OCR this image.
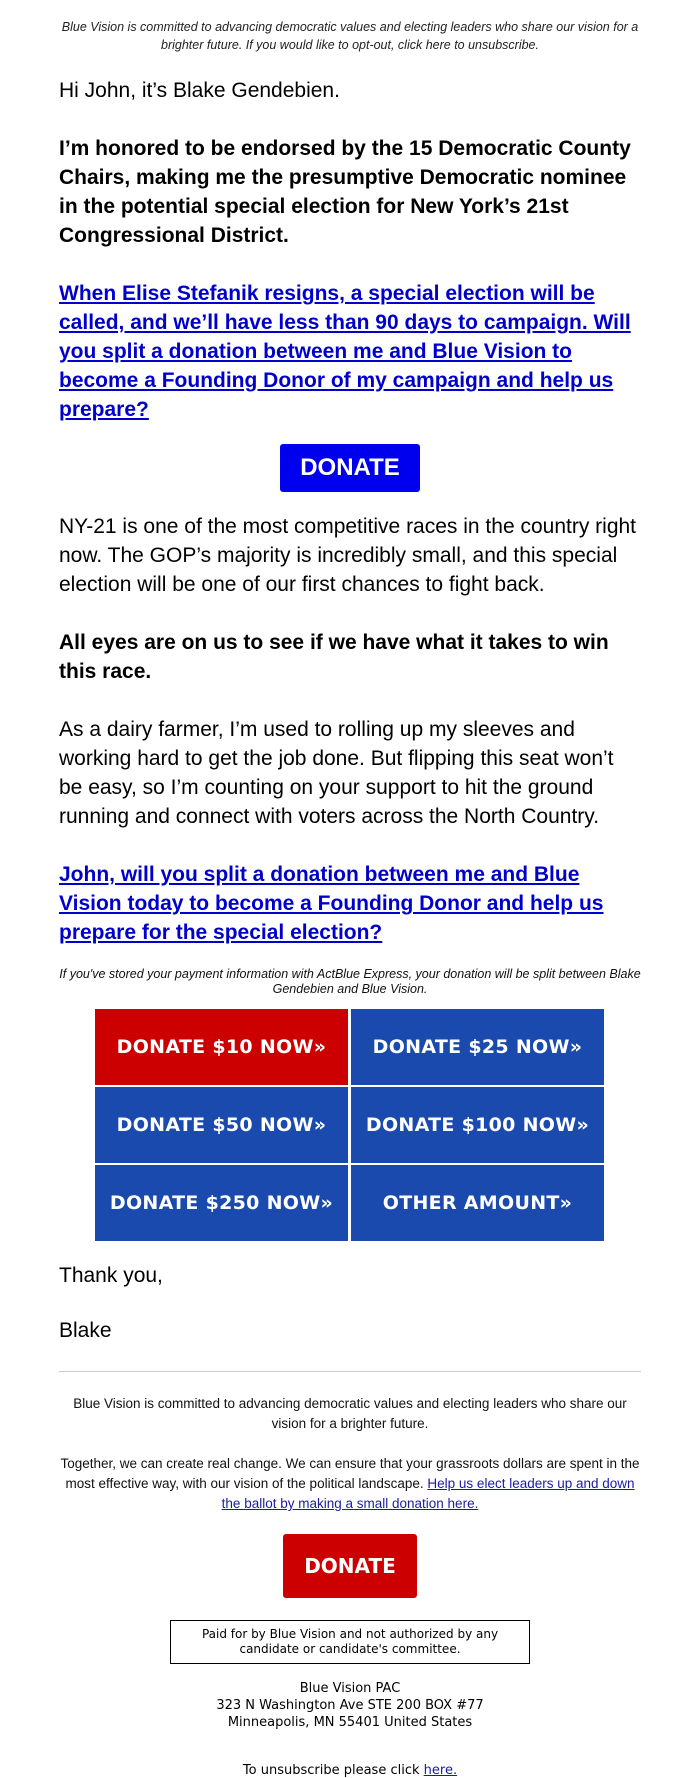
Blue Vision is committed to advancing democratic values and electing leaders who share our vision for a brighter future. If you would like to opt-out, click here to unsubscribe.

Hi John, it’s Blake Gendebien.

I’m honored to be endorsed by the 15 Democratic County Chairs, making me the presumptive Democratic nominee in the potential special election for New York’s 21st Congressional District.

When Elise Stefanik resigns, a special election will be called, and we’ll have less than 90 days to campaign. Will you split a donation between me and Blue Vision to become a Founding Donor of my campaign and help us prepare?
DONATE

NY-21 is one of the most competitive races in the country right now. The GOP’s majority is incredibly small, and this special election will be one of our first chances to fight back.

All eyes are on us to see if we have what it takes to win this race.

As a dairy farmer, I’m used to rolling up my sleeves and working hard to get the job done. But flipping this seat won’t be easy, so I’m counting on your support to hit the ground running and connect with voters across the North Country.

John, will you split a donation between me and Blue Vision today to become a Founding Donor and help us prepare for the special election?

If you've stored your payment information with ActBlue Express, your donation will be split between Blake Gendebien and Blue Vision.

DONATE $10 NOW»	DONATE $25 NOW»
DONATE $50 NOW»	DONATE $100 NOW»
DONATE $250 NOW»	OTHER AMOUNT»

Thank you,

Blake

Blue Vision is committed to advancing democratic values and electing leaders who share our vision for a brighter future.

Together, we can create real change. We can ensure that your grassroots dollars are spent in the most effective way, with our vision of the political landscape. Help us elect leaders up and down the ballot by making a small donation here.

DONATE
Paid for by Blue Vision and not authorized by any candidate or candidate's committee.
Blue Vision PAC
323 N Washington Ave STE 200 BOX #77
Minneapolis, MN 55401 United States
To unsubscribe please click here.
